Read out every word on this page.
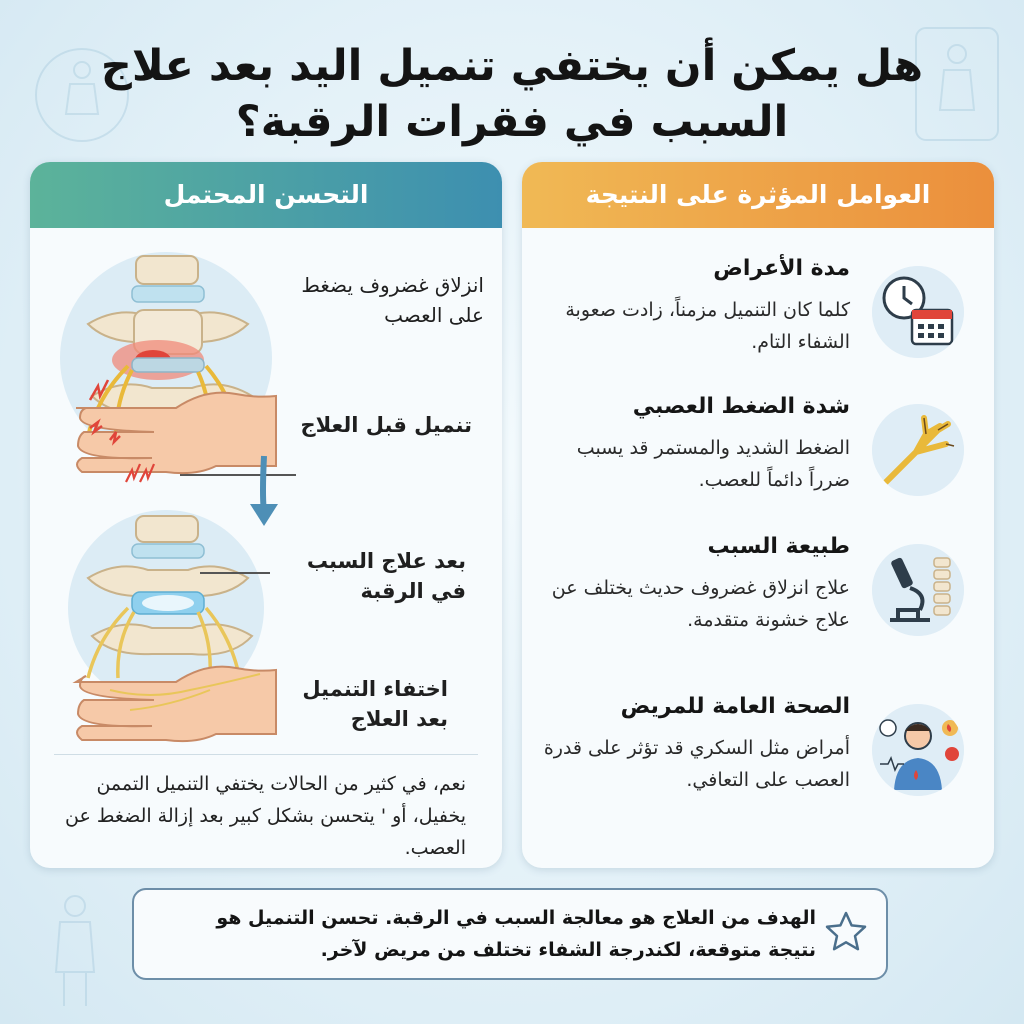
هل يمكن أن يختفي تنميل اليد بعد علاج
السبب في فقرات الرقبة؟
التحسن المحتمل
انزلاق غضروف يضغط على العصب
تنميل قبل العلاج
بعد علاج السبب في الرقبة
اختفاء التنميل بعد العلاج
نعم، في كثير من الحالات يختفي التنميل التممن يخفيل، أو ' يتحسن بشكل كبير بعد إزالة الضغط عن العصب.
العوامل المؤثرة على النتيجة
مدة الأعراض
كلما كان التنميل مزمناً، زادت صعوبة الشفاء التام.
شدة الضغط العصبي
الضغط الشديد والمستمر قد يسبب ضرراً دائماً للعصب.
طبيعة السبب
علاج انزلاق غضروف حديث يختلف عن علاج خشونة متقدمة.
الصحة العامة للمريض
أمراض مثل السكري قد تؤثر على قدرة العصب على التعافي.
الهدف من العلاج هو معالجة السبب في الرقبة. تحسن التنميل هو نتيجة متوقعة، لكندرجة الشفاء تختلف من مريض لآخر.
